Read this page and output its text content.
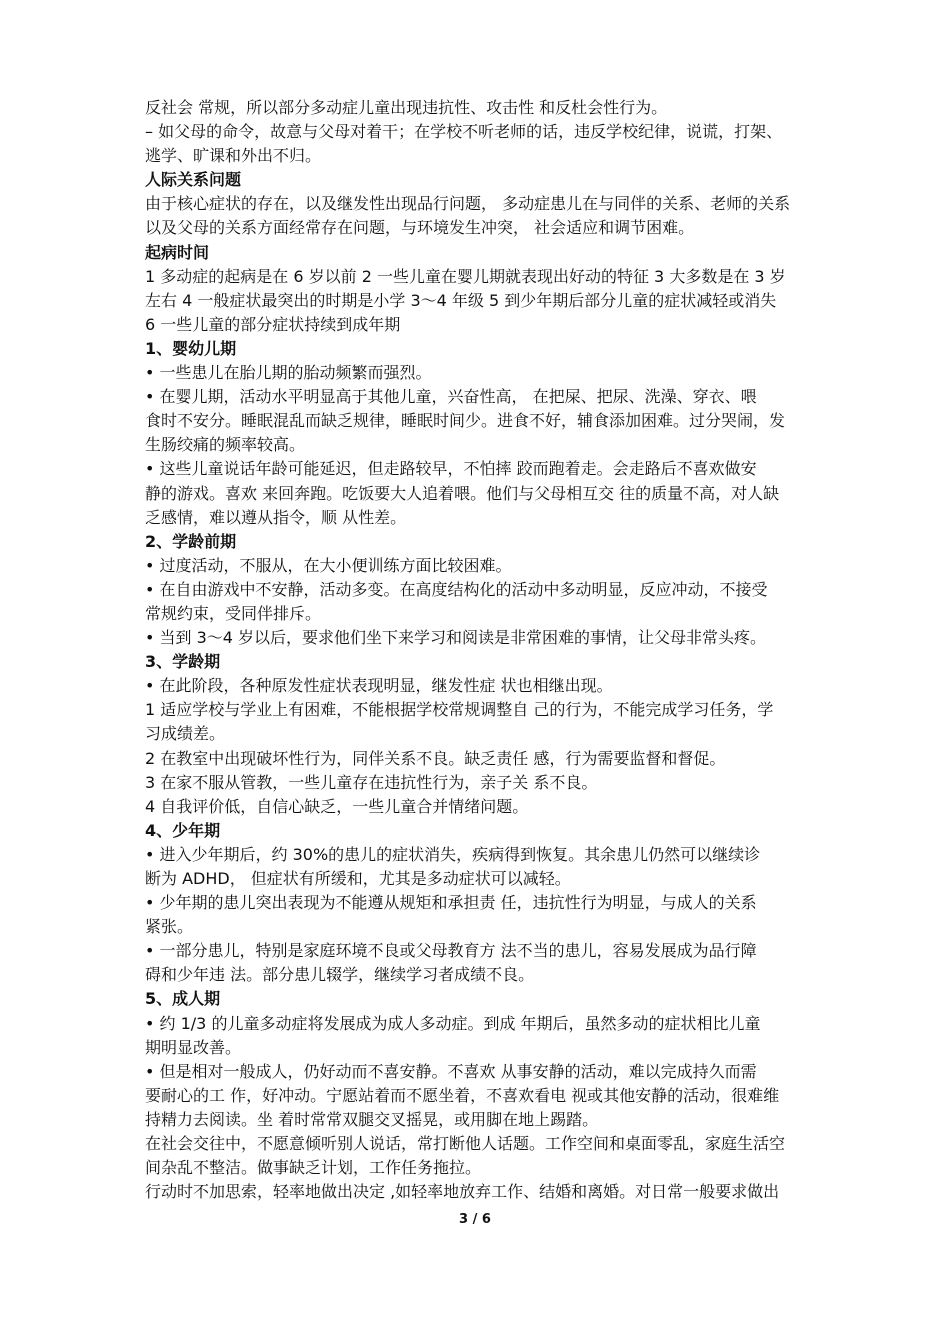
反社会 常规，所以部分多动症儿童出现违抗性、攻击性 和反杜会性行为。
– 如父母的命令，故意与父母对着干；在学校不听老师的话，违反学校纪律，说谎，打架、
逃学、旷课和外出不归。
人际关系问题
由于核心症状的存在，以及继发性出现品行问题， 多动症患儿在与同伴的关系、老师的关系
以及父母的关系方面经常存在问题，与环境发生冲突， 社会适应和调节困难。
起病时间
1 多动症的起病是在 6 岁以前 2 一些儿童在婴儿期就表现出好动的特征 3 大多数是在 3 岁
左右 4 一般症状最突出的时期是小学 3～4 年级 5 到少年期后部分儿童的症状减轻或消失
6 一些儿童的部分症状持续到成年期
1、婴幼儿期
• 一些患儿在胎儿期的胎动频繁而强烈。
• 在婴儿期，活动水平明显高于其他儿童，兴奋性高， 在把屎、把尿、洗澡、穿衣、喂
食时不安分。睡眠混乱而缺乏规律，睡眠时间少。进食不好，辅食添加困难。过分哭闹，发
生肠绞痛的频率较高。
• 这些儿童说话年龄可能延迟，但走路较早，不怕摔 跤而跑着走。会走路后不喜欢做安
静的游戏。喜欢 来回奔跑。吃饭要大人追着喂。他们与父母相互交 往的质量不高，对人缺
乏感情，难以遵从指令，顺 从性差。
2、学龄前期
• 过度活动，不服从，在大小便训练方面比较困难。
• 在自由游戏中不安静，活动多变。在高度结构化的活动中多动明显，反应冲动，不接受
常规约束，受同伴排斥。
• 当到 3～4 岁以后，要求他们坐下来学习和阅读是非常困难的事情，让父母非常头疼。
3、学龄期
• 在此阶段，各种原发性症状表现明显，继发性症 状也相继出现。
1 适应学校与学业上有困难，不能根据学校常规调整自 己的行为，不能完成学习任务，学
习成绩差。
2 在教室中出现破坏性行为，同伴关系不良。缺乏责任 感，行为需要监督和督促。
3 在家不服从管教，一些儿童存在违抗性行为，亲子关 系不良。
4 自我评价低，自信心缺乏，一些儿童合并情绪问题。
4、少年期
• 进入少年期后，约 30%的患儿的症状消失，疾病得到恢复。其余患儿仍然可以继续诊
断为 ADHD， 但症状有所缓和，尤其是多动症状可以减轻。
• 少年期的患儿突出表现为不能遵从规矩和承担责 任，违抗性行为明显，与成人的关系
紧张。
• 一部分患儿，特别是家庭环境不良或父母教育方 法不当的患儿，容易发展成为品行障
碍和少年违 法。部分患儿辍学，继续学习者成绩不良。
5、成人期
• 约 1/3 的儿童多动症将发展成为成人多动症。到成 年期后，虽然多动的症状相比儿童
期明显改善。
• 但是相对一般成人，仍好动而不喜安静。不喜欢 从事安静的活动，难以完成持久而需
要耐心的工 作，好冲动。宁愿站着而不愿坐着，不喜欢看电 视或其他安静的活动，很难维
持精力去阅读。坐 着时常常双腿交叉摇晃，或用脚在地上踢踏。
在社会交往中，不愿意倾听别人说话，常打断他人话题。工作空间和桌面零乱，家庭生活空
间杂乱不整洁。做事缺乏计划，工作任务拖拉。
行动时不加思索，轻率地做出决定 ,如轻率地放弃工作、结婚和离婚。对日常一般要求做出
3 / 6
